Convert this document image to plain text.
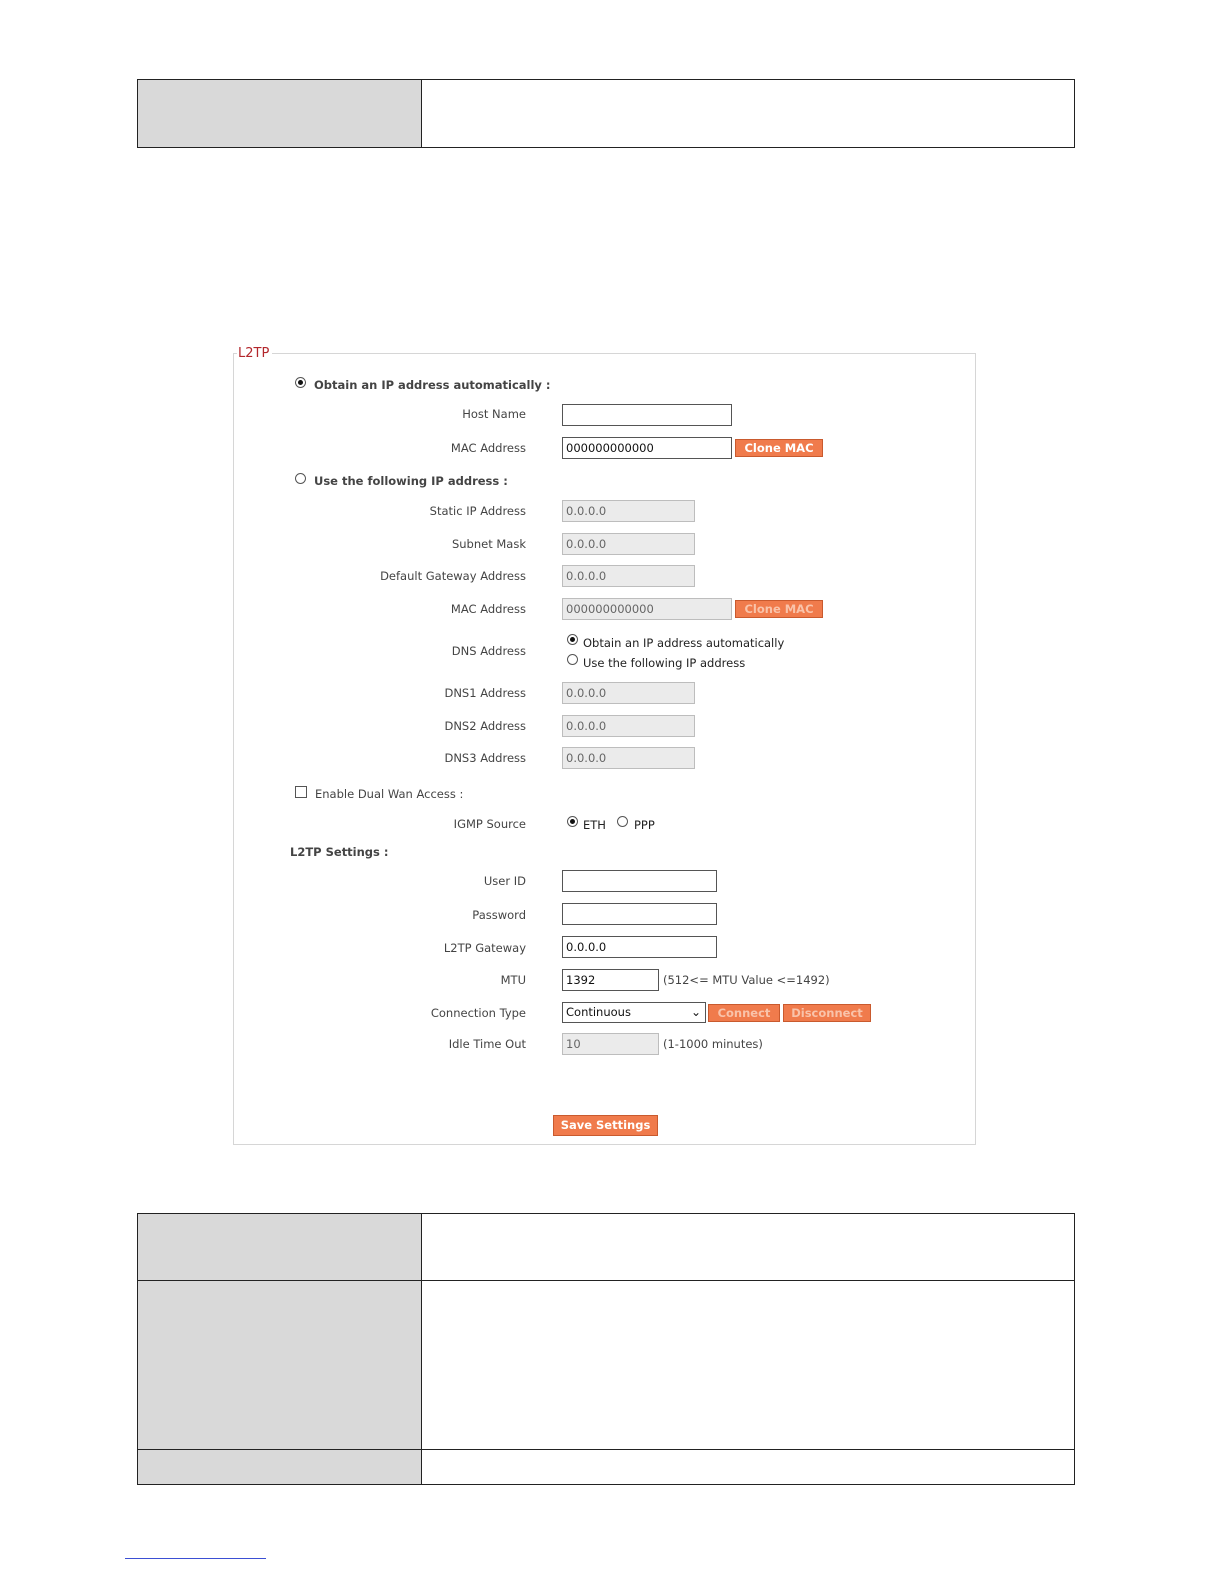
L2TP
Obtain an IP address automatically :
Host Name
MAC Address	000000000000	Clone MAC
Use the following IP address :
Static IP Address	0.0.0.0
Subnet Mask	0.0.0.0
Default Gateway Address	0.0.0.0
MAC Address	000000000000	Clone MAC
DNS Address
Obtain an IP address automatically
Use the following IP address
DNS1 Address	0.0.0.0
DNS2 Address	0.0.0.0
DNS3 Address	0.0.0.0
Enable Dual Wan Access :
IGMP Source	ETH PPP
L2TP Settings :
User ID
Password
L2TP Gateway	0.0.0.0
MTU	1392	(512<= MTU Value <=1492)
Connection Type	Continuous	⌄	Connect	Disconnect
Idle Time Out	10	(1-1000 minutes)
Save Settings
